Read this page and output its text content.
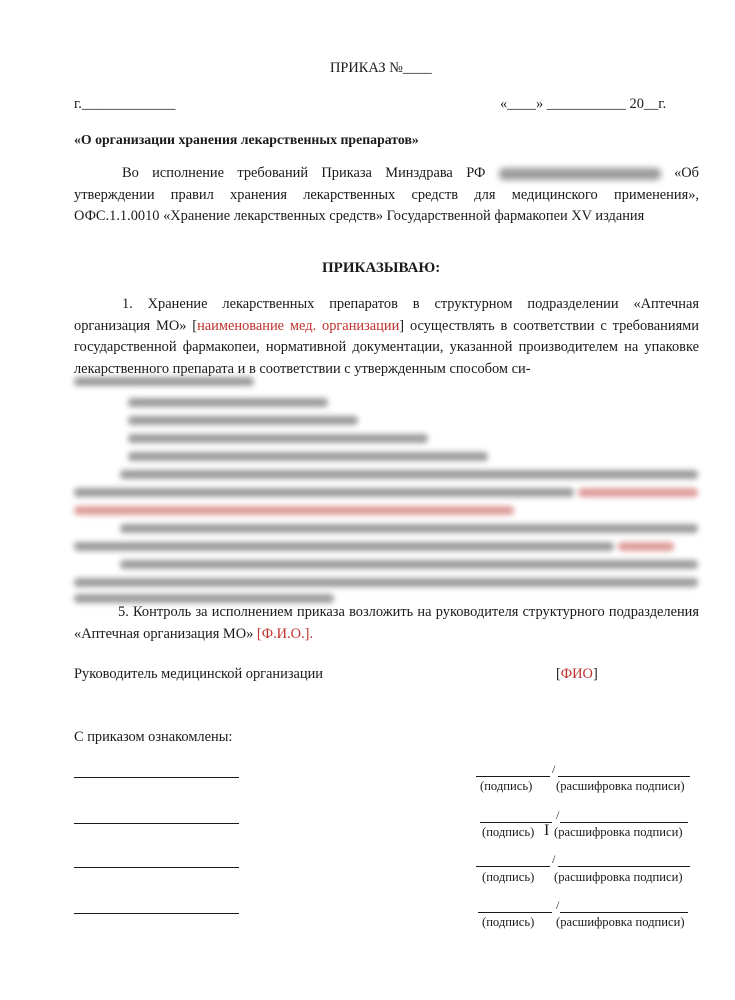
ПРИКАЗ №____
г._____________	«____» ___________ 20__г.
«О организации хранения лекарственных препаратов»
Во исполнение требований Приказа Минздрава РФ	«Об утверждении правил хранения лекарственных средств для медицинского применения», ОФС.1.1.0010 «Хранение лекарственных средств» Государственной фармакопеи XV издания
ПРИКАЗЫВАЮ:
1. Хранение лекарственных препаратов в структурном подразделении «Аптечная организация МО» [наименование мед. организации] осуществлять в соответствии с требованиями государственной фармакопеи, нормативной документации, указанной производителем на упаковке лекарственного препарата и в соответствии с утвержденным способом си-
5. Контроль за исполнением приказа возложить на руководителя структурного подразделения «Аптечная организация МО» [Ф.И.О.].
Руководитель медицинской организации	[ФИО]
С приказом ознакомлены:
/
(подпись) (расшифровка подписи)
/
(подпись) I (расшифровка подписи)
/
(подпись) (расшифровка подписи)
/
(подпись) (расшифровка подписи)
